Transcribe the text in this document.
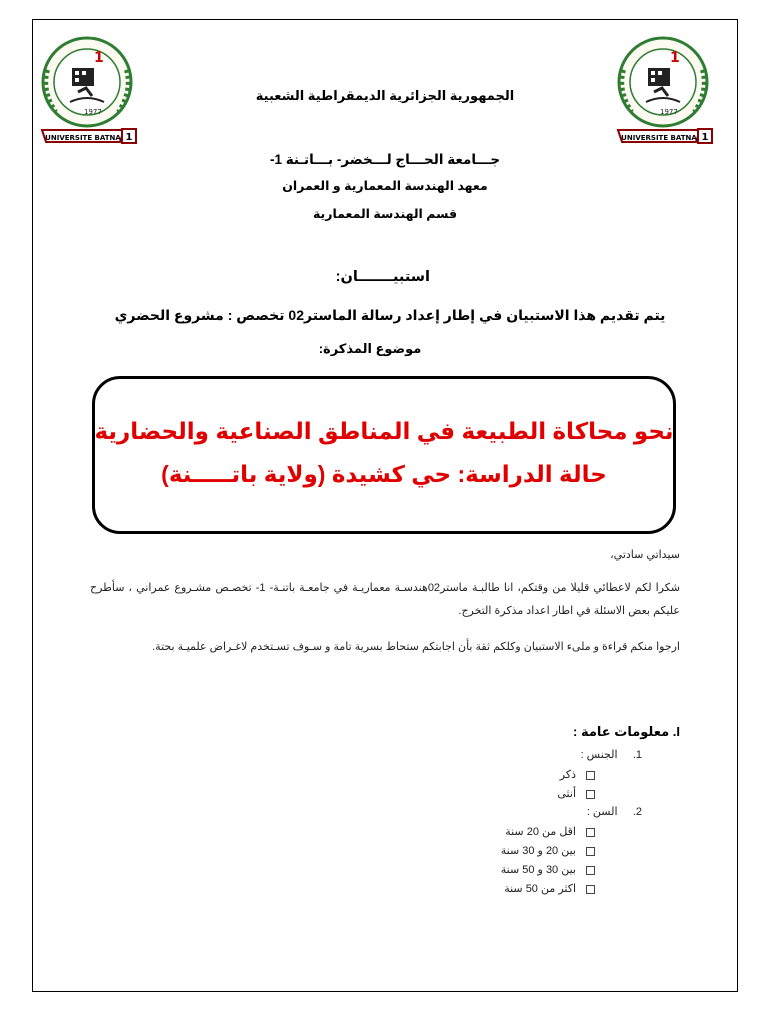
1
1977
1
UNIVERSITE BATNA
1
1977
1
UNIVERSITE BATNA
الجمهورية الجزائرية الديمقراطية الشعبية
جـــامعة الحـــاج لـــخضر- بـــاتـنة 1-
معهد الهندسة المعمارية و العمران
قسم الهندسة المعمارية
استبيـــــــان:
يتم تقديم هذا الاستبيان في إطار إعداد رسالة الماستر02 تخصص : مشروع الحضري
موضوع المذكرة:
نحو محاكاة الطبيعة في المناطق الصناعية والحضارية
حالة الدراسة: حي كشيدة (ولاية باتـــــنة)
سيداتي سادتي،
شكرا لكم لاعطائي قليلا من وقتكم، انا طالبـة ماستر02هندسـة معماريـة في جامعـة باتنـة- 1- تخصـص مشـروع عمراني ، سأطرح عليكم بعض الاسئلة في اطار اعداد مذكرة التخرج.
ارجوا منكم قراءة و ملىء الاستبيان وكلكم ثقة بأن اجابتكم ستحاط بسرية تامة و سـوف تسـتخدم لاغـراض علميـة بحتة.
I. معلومات عامة :
1.     الجنس :
ذكر
أنثى
2.     السن :
اقل من 20 سنة
بين 20 و 30 سنة
بين 30 و 50 سنة
اكثر من 50 سنة
